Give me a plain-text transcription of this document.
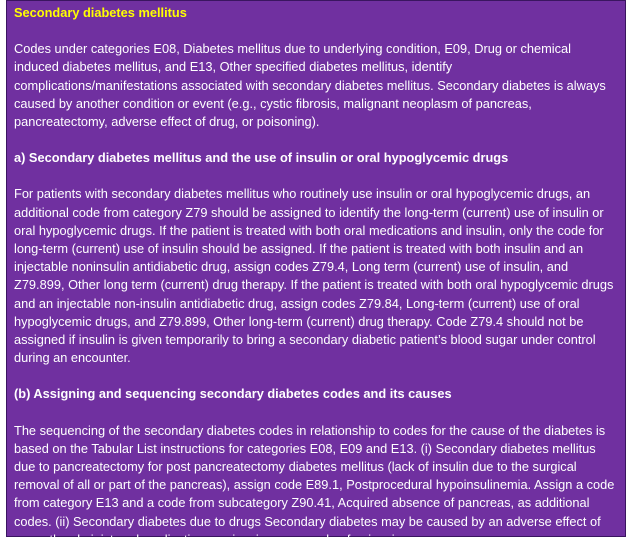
Secondary diabetes mellitus
Codes under categories E08, Diabetes mellitus due to underlying condition, E09, Drug or chemical induced diabetes mellitus, and E13, Other specified diabetes mellitus, identify complications/manifestations associated with secondary diabetes mellitus. Secondary diabetes is always caused by another condition or event (e.g., cystic fibrosis, malignant neoplasm of pancreas, pancreatectomy, adverse effect of drug, or poisoning).
a) Secondary diabetes mellitus and the use of insulin or oral hypoglycemic drugs
For patients with secondary diabetes mellitus who routinely use insulin or oral hypoglycemic drugs, an additional code from category Z79 should be assigned to identify the long-term (current) use of insulin or oral hypoglycemic drugs. If the patient is treated with both oral medications and insulin, only the code for long-term (current) use of insulin should be assigned. If the patient is treated with both insulin and an injectable noninsulin antidiabetic drug, assign codes Z79.4, Long term (current) use of insulin, and Z79.899, Other long term (current) drug therapy. If the patient is treated with both oral hypoglycemic drugs and an injectable non-insulin antidiabetic drug, assign codes Z79.84, Long-term (current) use of oral hypoglycemic drugs, and Z79.899, Other long-term (current) drug therapy. Code Z79.4 should not be assigned if insulin is given temporarily to bring a secondary diabetic patient’s blood sugar under control during an encounter.
(b) Assigning and sequencing secondary diabetes codes and its causes
The sequencing of the secondary diabetes codes in relationship to codes for the cause of the diabetes is based on the Tabular List instructions for categories E08, E09 and E13. (i) Secondary diabetes mellitus due to pancreatectomy for post pancreatectomy diabetes mellitus (lack of insulin due to the surgical removal of all or part of the pancreas), assign code E89.1, Postprocedural hypoinsulinemia. Assign a code from category E13 and a code from subcategory Z90.41, Acquired absence of pancreas, as additional codes. (ii) Secondary diabetes due to drugs Secondary diabetes may be caused by an adverse effect of correctly administered medications, poisoning or sequela of poisoning.
